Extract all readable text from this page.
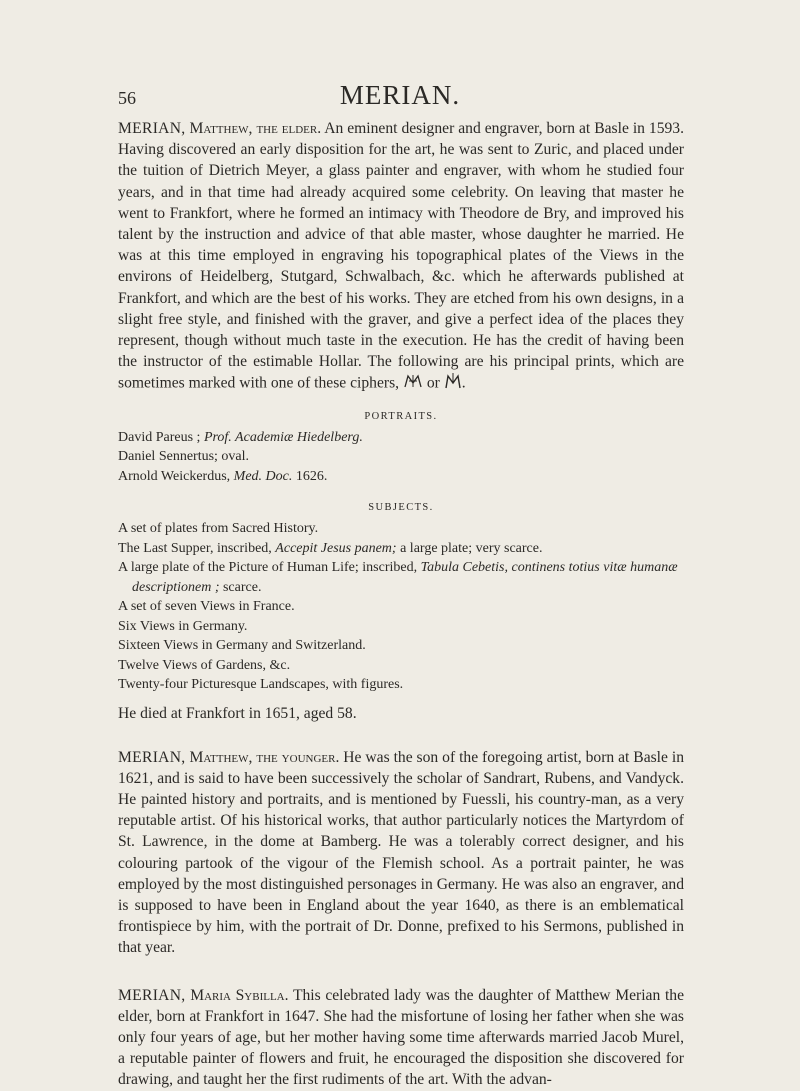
56	MERIAN.

MERIAN, Matthew, the elder. An eminent designer and engraver, born at Basle in 1593. Having discovered an early disposition for the art, he was sent to Zuric, and placed under the tuition of Dietrich Meyer, a glass painter and engraver, with whom he studied four years, and in that time had already acquired some celebrity. On leaving that master he went to Frankfort, where he formed an intimacy with Theodore de Bry, and improved his talent by the instruction and advice of that able master, whose daughter he married. He was at this time employed in engraving his topographical plates of the Views in the environs of Heidelberg, Stutgard, Schwalbach, &c. which he afterwards published at Frankfort, and which are the best of his works. They are etched from his own designs, in a slight free style, and finished with the graver, and give a perfect idea of the places they represent, though without much taste in the execution. He has the credit of having been the instructor of the estimable Hollar. The following are his principal prints, which are sometimes marked with one of these ciphers, or .

PORTRAITS.
David Pareus ; Prof. Academiæ Hiedelberg.
Daniel Sennertus; oval.
Arnold Weickerdus, Med. Doc. 1626.
SUBJECTS.
A set of plates from Sacred History.
The Last Supper, inscribed, Accepit Jesus panem; a large plate; very scarce.
A large plate of the Picture of Human Life; inscribed, Tabula Cebetis, continens totius vitæ humanæ descriptionem ; scarce.
A set of seven Views in France.
Six Views in Germany.
Sixteen Views in Germany and Switzerland.
Twelve Views of Gardens, &c.
Twenty-four Picturesque Landscapes, with figures.
He died at Frankfort in 1651, aged 58.

MERIAN, Matthew, the younger. He was the son of the foregoing artist, born at Basle in 1621, and is said to have been successively the scholar of Sandrart, Rubens, and Vandyck. He painted history and portraits, and is mentioned by Fuessli, his country-man, as a very reputable artist. Of his historical works, that author particularly notices the Martyrdom of St. Lawrence, in the dome at Bamberg. He was a tolerably correct designer, and his colouring partook of the vigour of the Flemish school. As a portrait painter, he was employed by the most distinguished personages in Germany. He was also an engraver, and is supposed to have been in England about the year 1640, as there is an emblematical frontispiece by him, with the portrait of Dr. Donne, prefixed to his Sermons, published in that year.

MERIAN, Maria Sybilla. This celebrated lady was the daughter of Matthew Merian the elder, born at Frankfort in 1647. She had the misfortune of losing her father when she was only four years of age, but her mother having some time afterwards married Jacob Murel, a reputable painter of flowers and fruit, he encouraged the disposition she discovered for drawing, and taught her the first rudiments of the art. With the advan-
